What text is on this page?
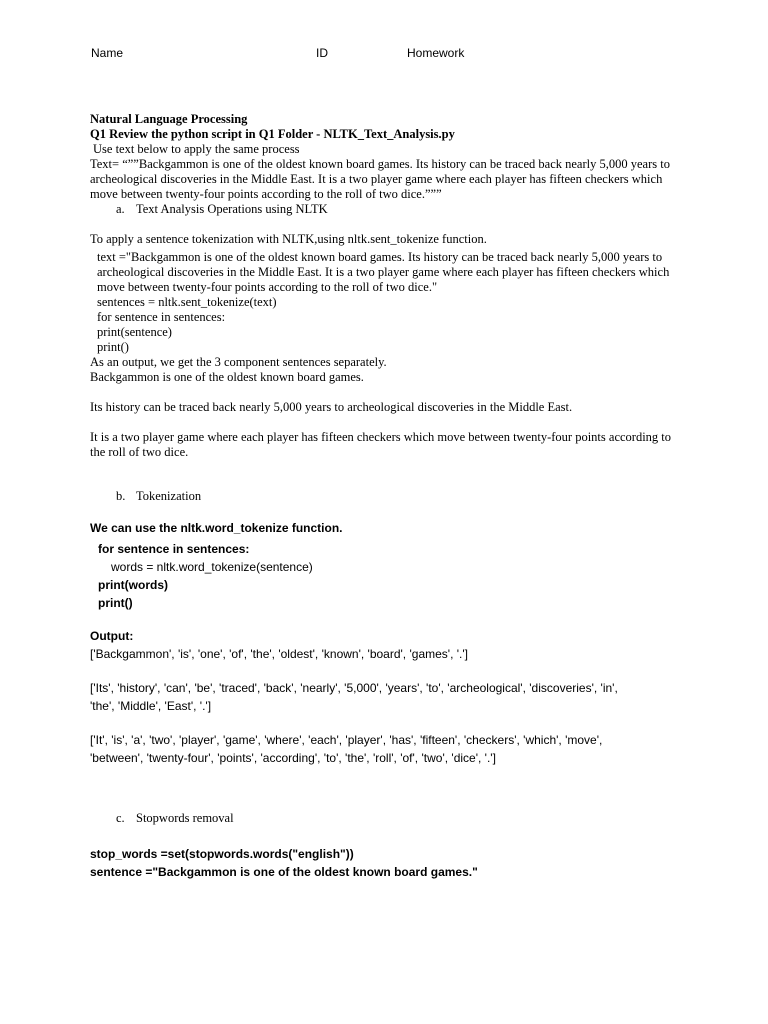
Name	ID	Homework
Natural Language Processing
Q1 Review the python script in Q1 Folder - NLTK_Text_Analysis.py
Use text below to apply the same process
Text= “””Backgammon is one of the oldest known board games. Its history can be traced back nearly 5,000 years to
archeological discoveries in the Middle East. It is a two player game where each player has fifteen checkers which
move between twenty-four points according to the roll of two dice.”””
a. Text Analysis Operations using NLTK
To apply a sentence tokenization with NLTK,using nltk.sent_tokenize function.
text ="Backgammon is one of the oldest known board games. Its history can be traced back nearly 5,000 years to
archeological discoveries in the Middle East. It is a two player game where each player has fifteen checkers which
move between twenty-four points according to the roll of two dice."
sentences = nltk.sent_tokenize(text)
for sentence in sentences:
print(sentence)
print()
As an output, we get the 3 component sentences separately.
Backgammon is one of the oldest known board games.
Its history can be traced back nearly 5,000 years to archeological discoveries in the Middle East.
It is a two player game where each player has fifteen checkers which move between twenty-four points according to
the roll of two dice.
b. Tokenization
We can use the nltk.word_tokenize function.
for sentence in sentences:
words = nltk.word_tokenize(sentence)
print(words)
print()
Output:
['Backgammon', 'is', 'one', 'of', 'the', 'oldest', 'known', 'board', 'games', '.']
['Its', 'history', 'can', 'be', 'traced', 'back', 'nearly', '5,000', 'years', 'to', 'archeological', 'discoveries', 'in',
'the', 'Middle', 'East', '.']
['It', 'is', 'a', 'two', 'player', 'game', 'where', 'each', 'player', 'has', 'fifteen', 'checkers', 'which', 'move',
'between', 'twenty-four', 'points', 'according', 'to', 'the', 'roll', 'of', 'two', 'dice', '.']
c. Stopwords removal
stop_words =set(stopwords.words("english"))
sentence ="Backgammon is one of the oldest known board games."
